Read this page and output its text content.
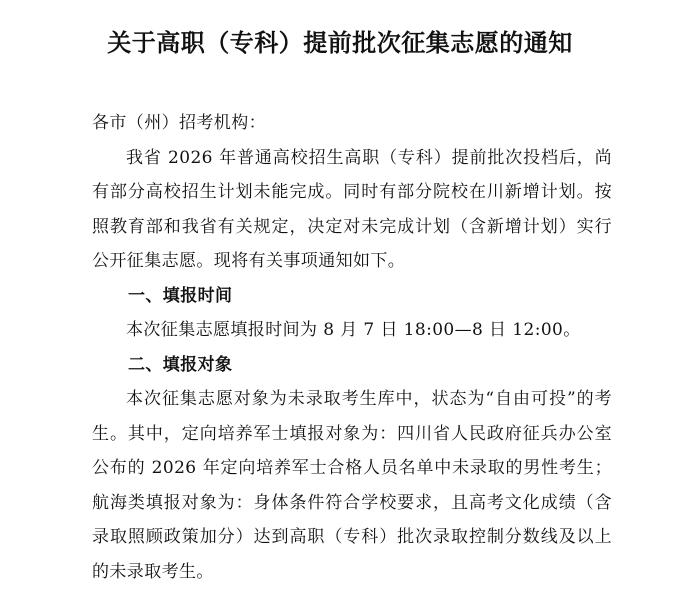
关于高职（专科）提前批次征集志愿的通知

各市（州）招考机构：

我省 2026 年普通高校招生高职（专科）提前批次投档后，尚有部分高校招生计划未能完成。同时有部分院校在川新增计划。按照教育部和我省有关规定，决定对未完成计划（含新增计划）实行公开征集志愿。现将有关事项通知如下。

一、填报时间

本次征集志愿填报时间为 8 月 7 日 18:00—8 日 12:00。

二、填报对象

本次征集志愿对象为未录取考生库中，状态为“自由可投”的考生。其中，定向培养军士填报对象为：四川省人民政府征兵办公室公布的 2026 年定向培养军士合格人员名单中未录取的男性考生；航海类填报对象为：身体条件符合学校要求，且高考文化成绩（含录取照顾政策加分）达到高职（专科）批次录取控制分数线及以上的未录取考生。
